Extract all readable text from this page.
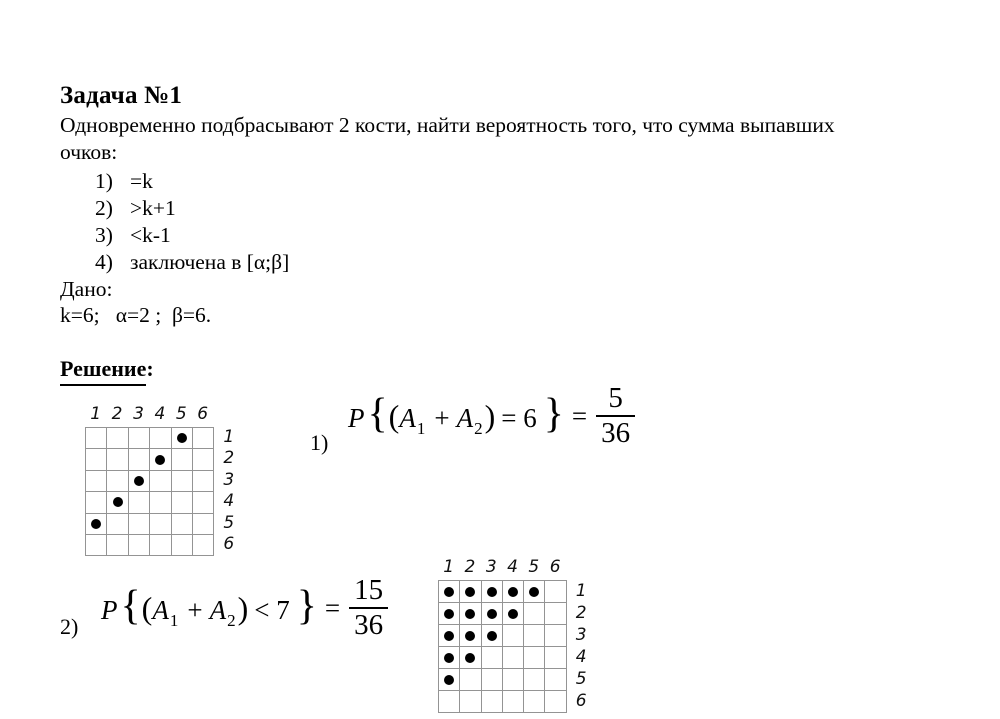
Задача №1
Одновременно подбрасывают 2 кости, найти вероятность того, что сумма выпавших
очков:
1) =k
2) >k+1
3) <k-1
4) заключена в [α;β]
Дано:
k=6;   α=2 ;  β=6.
Решение:
1 2 3 4 5 6
1
2
3
4
5
6
1)
P { ( A 1 + A 2 ) = 6 } = $\frac{5}{36}$
2)
P { ( A 1 + A 2 ) < 7 } = $\frac{15}{36}$
1 2 3 4 5 6
1
2
3
4
5
6
